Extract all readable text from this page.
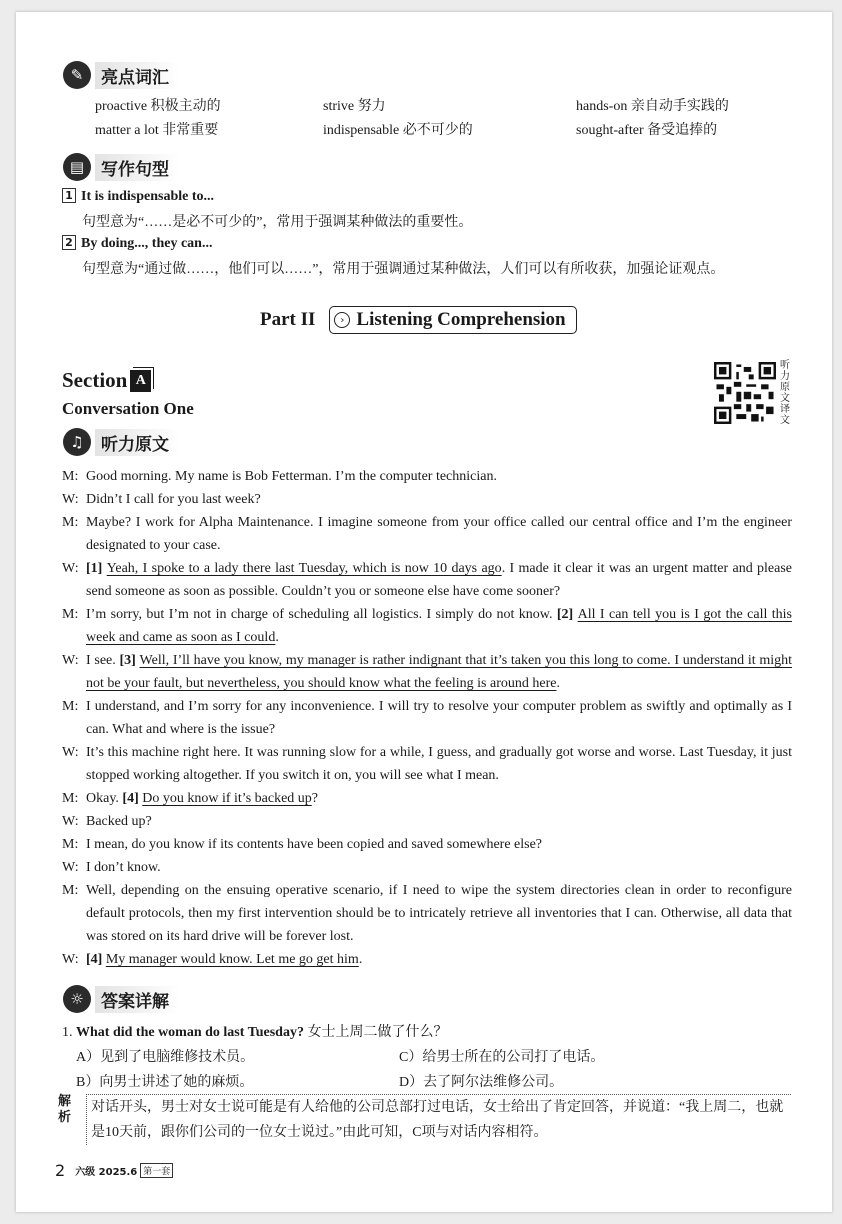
✎	亮点词汇
proactive 积极主动的	strive 努力	hands-on 亲自动手实践的
matter a lot 非常重要	indispensable 必不可少的	sought-after 备受追捧的
▤ 写作句型
1 It is indispensable to...
句型意为“……是必不可少的”，常用于强调某种做法的重要性。
2 By doing..., they can...
句型意为“通过做……，他们可以……”，常用于强调通过某种做法，人们可以有所收获，加强论证观点。
Part II	› Listening Comprehension
Section A
Conversation One
听力原文译文
♫	听力原文
M: Good morning. My name is Bob Fetterman. I’m the computer technician.
W: Didn’t I call for you last week?
M: Maybe? I work for Alpha Maintenance. I imagine someone from your office called our central office and I’m the engineer designated to your case.
W: [1] Yeah, I spoke to a lady there last Tuesday, which is now 10 days ago. I made it clear it was an urgent matter and please send someone as soon as possible. Couldn’t you or someone else have come sooner?
M: I’m sorry, but I’m not in charge of scheduling all logistics. I simply do not know. [2] All I can tell you is I got the call this week and came as soon as I could.
W: I see. [3] Well, I’ll have you know, my manager is rather indignant that it’s taken you this long to come. I understand it might not be your fault, but nevertheless, you should know what the feeling is around here.
M: I understand, and I’m sorry for any inconvenience. I will try to resolve your computer problem as swiftly and optimally as I can. What and where is the issue?
W: It’s this machine right here. It was running slow for a while, I guess, and gradually got worse and worse. Last Tuesday, it just stopped working altogether. If you switch it on, you will see what I mean.
M: Okay. [4] Do you know if it’s backed up?
W: Backed up?
M: I mean, do you know if its contents have been copied and saved somewhere else?
W: I don’t know.
M: Well, depending on the ensuing operative scenario, if I need to wipe the system directories clean in order to reconfigure default protocols, then my first intervention should be to intricately retrieve all inventories that I can. Otherwise, all data that was stored on its hard drive will be forever lost.
W: [4] My manager would know. Let me go get him.
☼	答案详解
1. What did the woman do last Tuesday? 女士上周二做了什么？
A）见到了电脑维修技术员。	C）给男士所在的公司打了电话。
B）向男士讲述了她的麻烦。	D）去了阿尔法维修公司。
解析
对话开头，男士对女士说可能是有人给他的公司总部打过电话，女士给出了肯定回答，并说道：“我上周二，也就是10天前，跟你们公司的一位女士说过。”由此可知，C项与对话内容相符。
2 六级 2025.6 第一套
